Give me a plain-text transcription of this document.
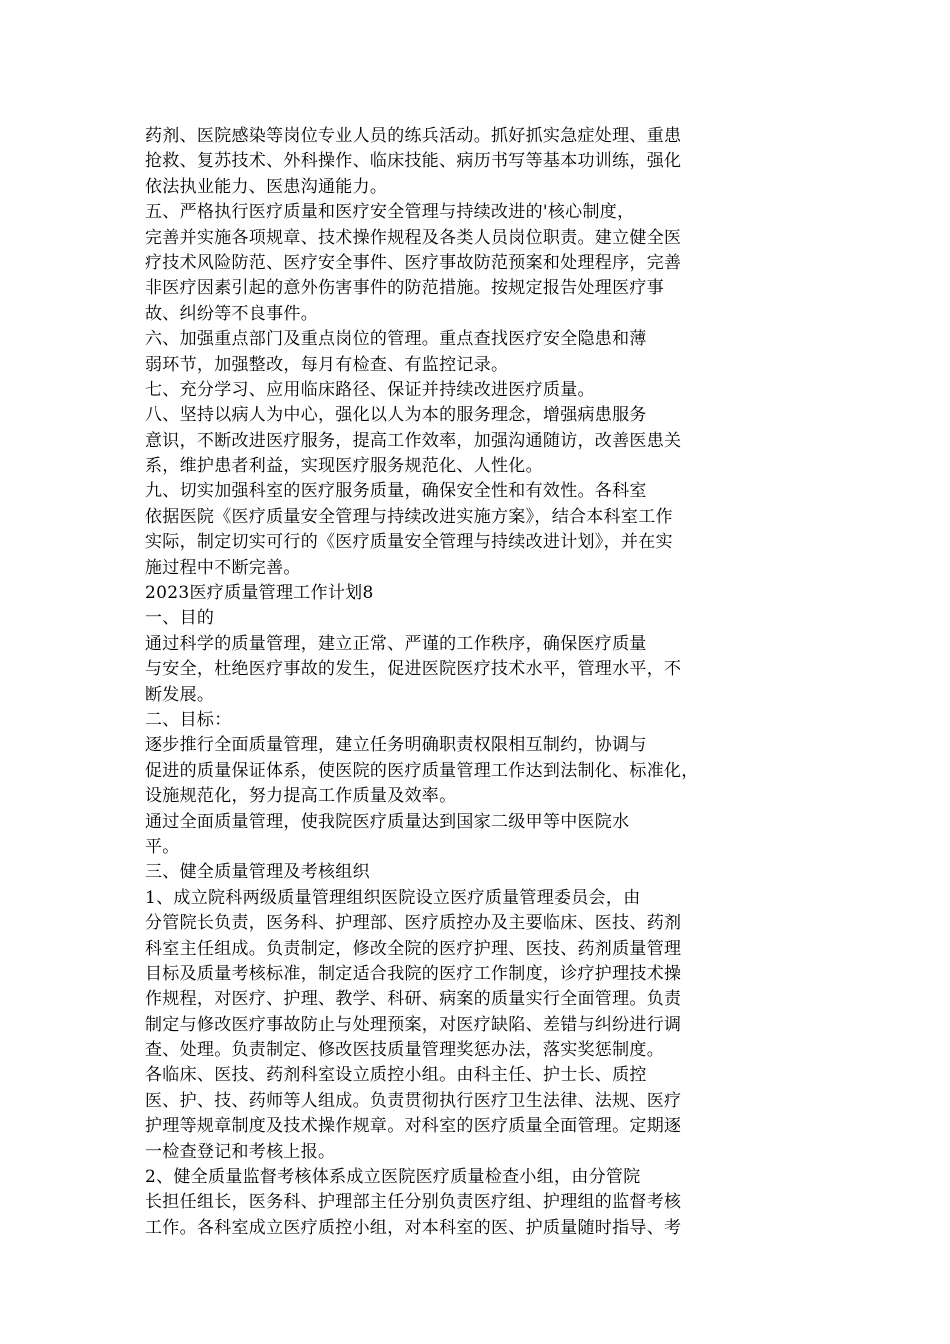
药剂、医院感染等岗位专业人员的练兵活动。抓好抓实急症处理、重患
抢救、复苏技术、外科操作、临床技能、病历书写等基本功训练，强化
依法执业能力、医患沟通能力。
五、严格执行医疗质量和医疗安全管理与持续改进的'核心制度，
完善并实施各项规章、技术操作规程及各类人员岗位职责。建立健全医
疗技术风险防范、医疗安全事件、医疗事故防范预案和处理程序，完善
非医疗因素引起的意外伤害事件的防范措施。按规定报告处理医疗事
故、纠纷等不良事件。
六、加强重点部门及重点岗位的管理。重点查找医疗安全隐患和薄
弱环节，加强整改，每月有检查、有监控记录。
七、充分学习、应用临床路径、保证并持续改进医疗质量。
八、坚持以病人为中心，强化以人为本的服务理念，增强病患服务
意识，不断改进医疗服务，提高工作效率，加强沟通随访，改善医患关
系，维护患者利益，实现医疗服务规范化、人性化。
九、切实加强科室的医疗服务质量，确保安全性和有效性。各科室
依据医院《医疗质量安全管理与持续改进实施方案》，结合本科室工作
实际，制定切实可行的《医疗质量安全管理与持续改进计划》，并在实
施过程中不断完善。
2023医疗质量管理工作计划8
一、目的
通过科学的质量管理，建立正常、严谨的工作秩序，确保医疗质量
与安全，杜绝医疗事故的发生，促进医院医疗技术水平，管理水平，不
断发展。
二、目标：
逐步推行全面质量管理，建立任务明确职责权限相互制约，协调与
促进的质量保证体系，使医院的医疗质量管理工作达到法制化、标准化，
设施规范化，努力提高工作质量及效率。
通过全面质量管理，使我院医疗质量达到国家二级甲等中医院水
平。
三、健全质量管理及考核组织
1、成立院科两级质量管理组织医院设立医疗质量管理委员会，由
分管院长负责，医务科、护理部、医疗质控办及主要临床、医技、药剂
科室主任组成。负责制定，修改全院的医疗护理、医技、药剂质量管理
目标及质量考核标准，制定适合我院的医疗工作制度，诊疗护理技术操
作规程，对医疗、护理、教学、科研、病案的质量实行全面管理。负责
制定与修改医疗事故防止与处理预案，对医疗缺陷、差错与纠纷进行调
查、处理。负责制定、修改医技质量管理奖惩办法，落实奖惩制度。
各临床、医技、药剂科室设立质控小组。由科主任、护士长、质控
医、护、技、药师等人组成。负责贯彻执行医疗卫生法律、法规、医疗
护理等规章制度及技术操作规章。对科室的医疗质量全面管理。定期逐
一检查登记和考核上报。
2、健全质量监督考核体系成立医院医疗质量检查小组，由分管院
长担任组长，医务科、护理部主任分别负责医疗组、护理组的监督考核
工作。各科室成立医疗质控小组，对本科室的医、护质量随时指导、考
